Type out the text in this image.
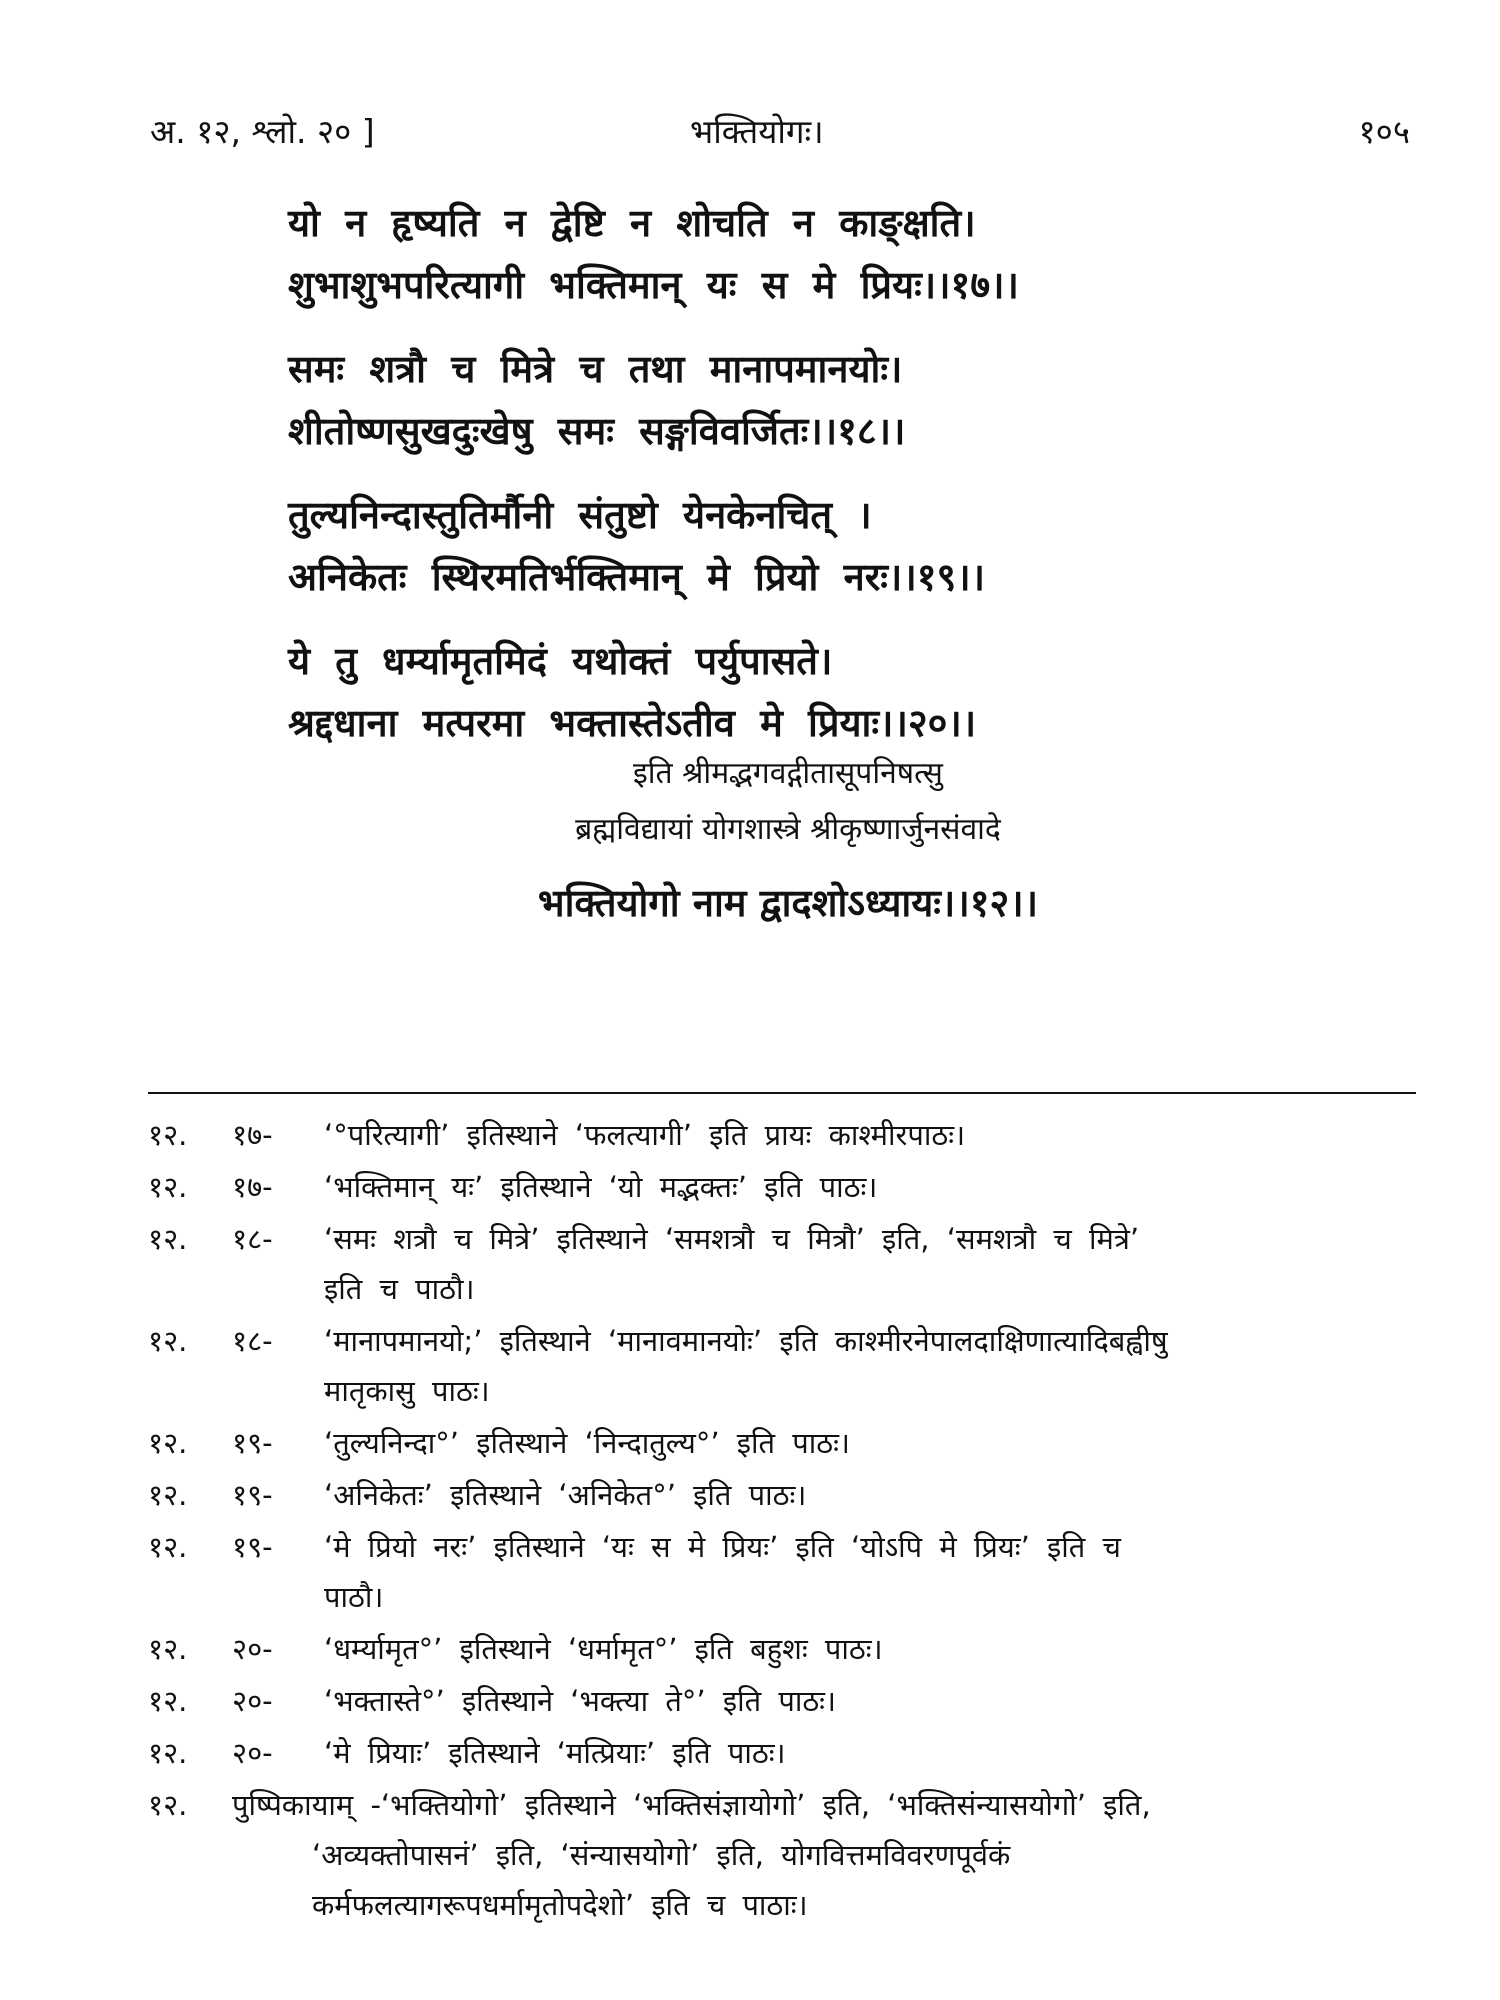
अ. १२, श्लो. २० ]	भक्तियोगः।	१०५
यो न हृष्यति न द्वेष्टि न शोचति न काङ्क्षति।
शुभाशुभपरित्यागी भक्तिमान् यः स मे प्रियः।।१७।।
समः शत्रौ च मित्रे च तथा मानापमानयोः।
शीतोष्णसुखदुःखेषु समः सङ्गविवर्जितः।।१८।।
तुल्यनिन्दास्तुतिर्मौनी संतुष्टो येनकेनचित् ।
अनिकेतः स्थिरमतिर्भक्तिमान् मे प्रियो नरः।।१९।।
ये तु धर्म्यामृतमिदं यथोक्तं पर्युपासते।
श्रद्दधाना मत्परमा भक्तास्तेऽतीव मे प्रियाः।।२०।।
इति श्रीमद्भगवद्गीतासूपनिषत्सु
ब्रह्मविद्यायां योगशास्त्रे श्रीकृष्णार्जुनसंवादे
भक्तियोगो नाम द्वादशोऽध्यायः।।१२।।
१२.	१७-	‘°परित्यागी’ इतिस्थाने ‘फलत्यागी’ इति प्रायः काश्मीरपाठः।
१२.	१७-	‘भक्तिमान् यः’ इतिस्थाने ‘यो मद्भक्तः’ इति पाठः।
१२.	१८-	‘समः शत्रौ च मित्रे’ इतिस्थाने ‘समशत्रौ च मित्रौ’ इति, ‘समशत्रौ च मित्रे’
इति च पाठौ।
१२.	१८-	‘मानापमानयो;’ इतिस्थाने ‘मानावमानयोः’ इति काश्मीरनेपालदाक्षिणात्यादिबह्वीषु
मातृकासु पाठः।
१२.	१९-	‘तुल्यनिन्दा°’ इतिस्थाने ‘निन्दातुल्य°’ इति पाठः।
१२.	१९-	‘अनिकेतः’ इतिस्थाने ‘अनिकेत°’ इति पाठः।
१२.	१९-	‘मे प्रियो नरः’ इतिस्थाने ‘यः स मे प्रियः’ इति ‘योऽपि मे प्रियः’ इति च
पाठौ।
१२.	२०-	‘धर्म्यामृत°’ इतिस्थाने ‘धर्मामृत°’ इति बहुशः पाठः।
१२.	२०-	‘भक्तास्ते°’ इतिस्थाने ‘भक्त्या ते°’ इति पाठः।
१२.	२०-	‘मे प्रियाः’ इतिस्थाने ‘मत्प्रियाः’ इति पाठः।
१२.	पुष्पिकायाम् -‘भक्तियोगो’ इतिस्थाने ‘भक्तिसंज्ञायोगो’ इति, ‘भक्तिसंन्यासयोगो’ इति,
‘अव्यक्तोपासनं’ इति, ‘संन्यासयोगो’ इति, योगवित्तमविवरणपूर्वकं
कर्मफलत्यागरूपधर्मामृतोपदेशो’ इति च पाठाः।
